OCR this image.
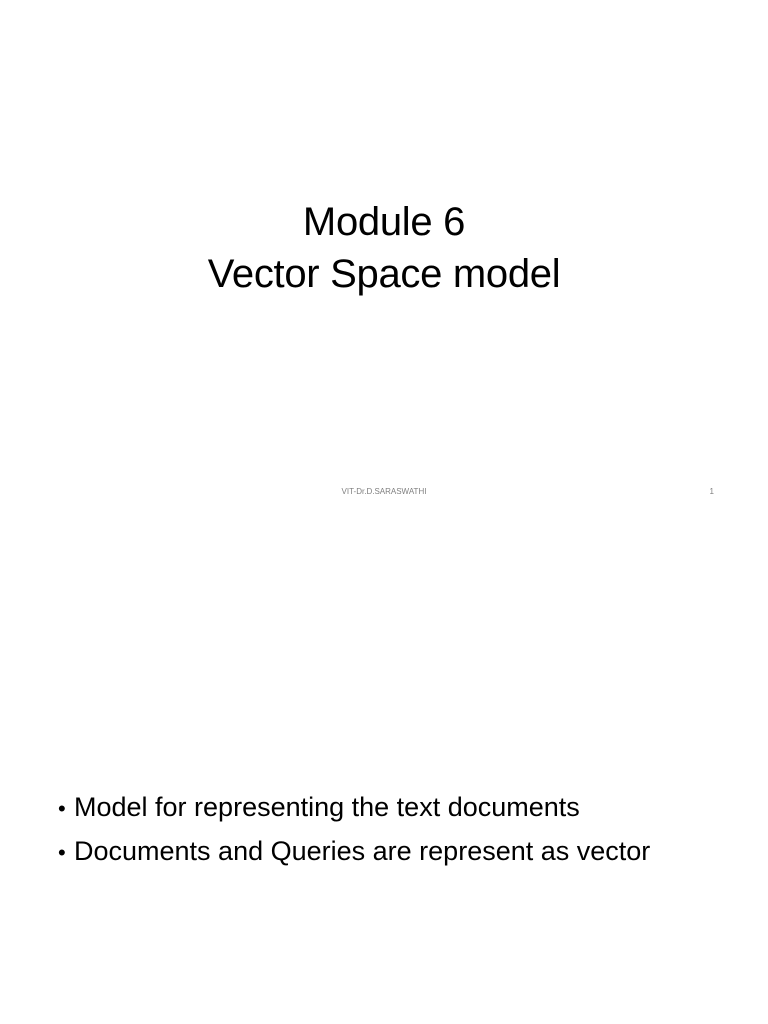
Module 6
Vector Space model
VIT-Dr.D.SARASWATHI	1
• Model for representing the text documents
• Documents and Queries are represent as vector
